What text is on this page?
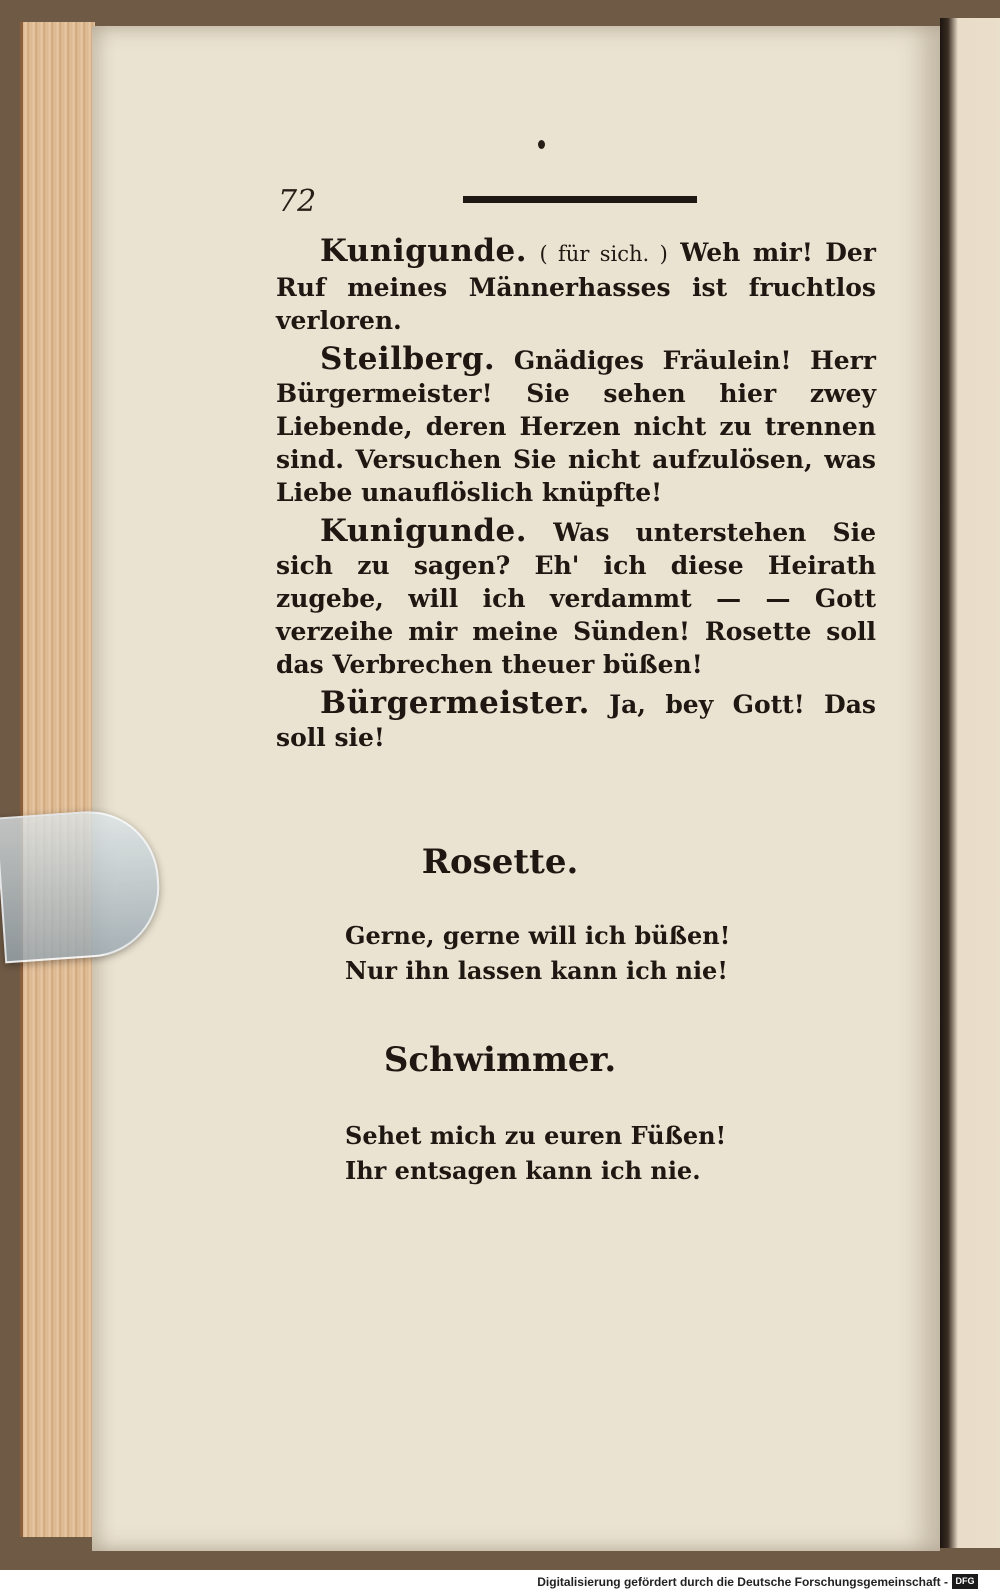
72

Kunigunde. ( für sich. ) Weh mir! Der Ruf meines Männerhasses ist fruchtlos verloren.

Steilberg. Gnädiges Fräulein! Herr Bürgermeister! Sie sehen hier zwey Liebende, deren Herzen nicht zu trennen sind. Versuchen Sie nicht aufzulösen, was Liebe unauflöslich knüpfte!

Kunigunde. Was unterstehen Sie sich zu sagen? Eh' ich diese Heirath zugebe, will ich verdammt — — Gott verzeihe mir meine Sünden! Rosette soll das Verbrechen theuer büßen!

Bürgermeister. Ja, bey Gott! Das soll sie!

Rosette.
Gerne, gerne will ich büßen!
Nur ihn lassen kann ich nie!
Schwimmer.
Sehet mich zu euren Füßen!
Ihr entsagen kann ich nie.
Digitalisierung gefördert durch die Deutsche Forschungsgemeinschaft - DFG
